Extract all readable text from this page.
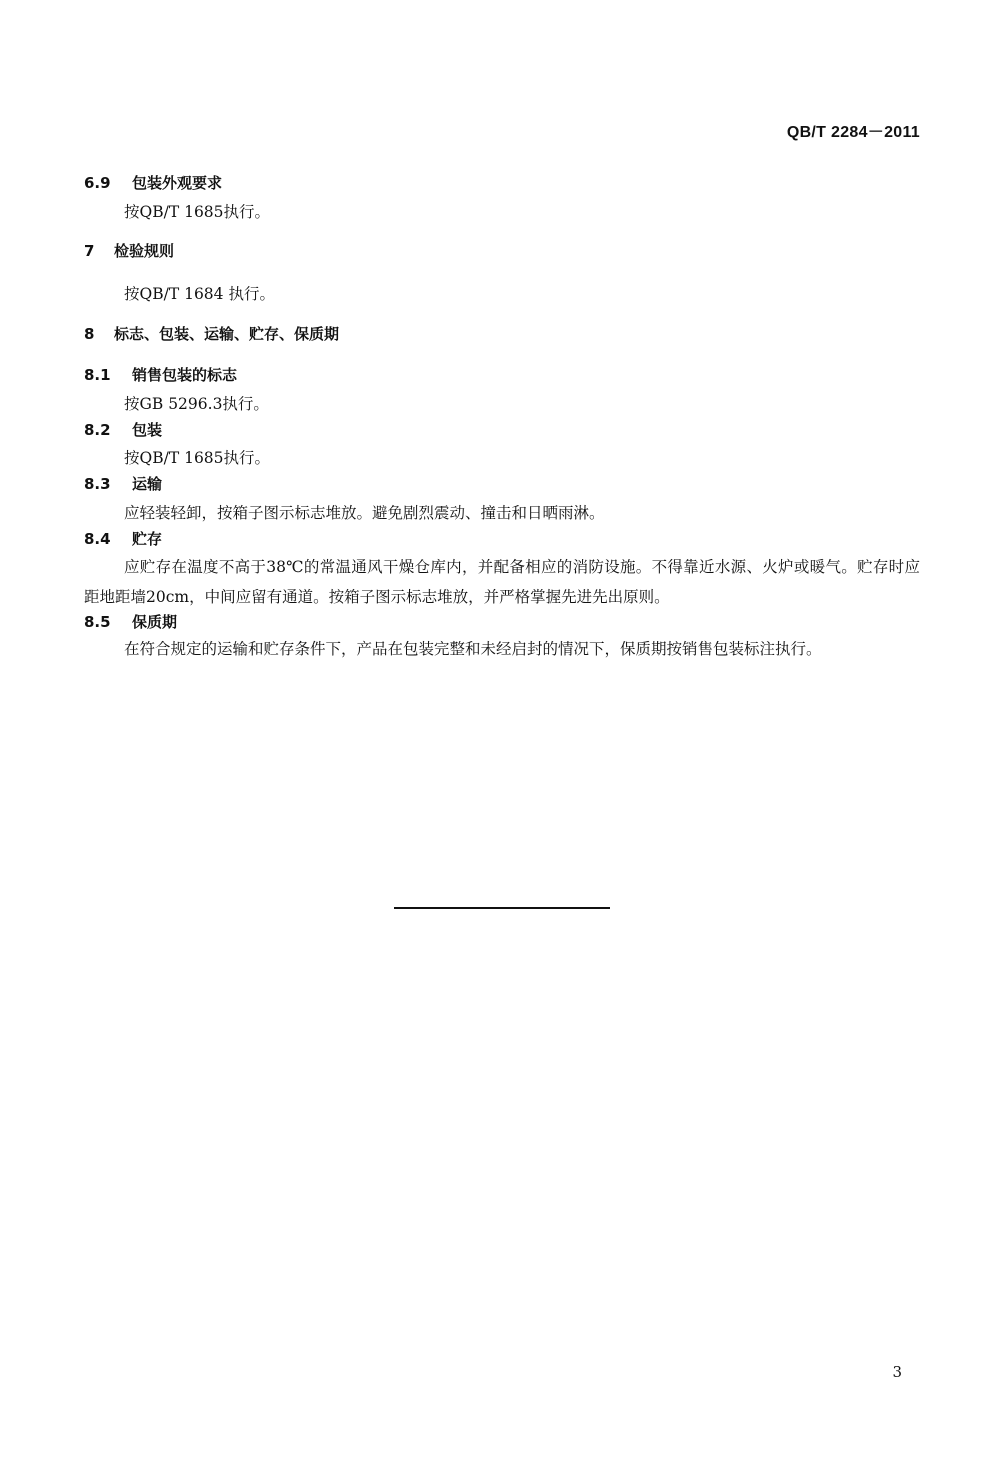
QB/T 2284－2011
6.9 包装外观要求
按QB/T 1685执行。
7 检验规则
按QB/T 1684 执行。
8 标志、包装、运输、贮存、保质期
8.1 销售包装的标志
按GB 5296.3执行。
8.2 包装
按QB/T 1685执行。
8.3 运输
应轻装轻卸，按箱子图示标志堆放。避免剧烈震动、撞击和日晒雨淋。
8.4 贮存
应贮存在温度不高于38℃的常温通风干燥仓库内，并配备相应的消防设施。不得靠近水源、火炉或暖气。贮存时应距地距墙20cm，中间应留有通道。按箱子图示标志堆放，并严格掌握先进先出原则。
8.5 保质期
在符合规定的运输和贮存条件下，产品在包装完整和未经启封的情况下，保质期按销售包装标注执行。
3
